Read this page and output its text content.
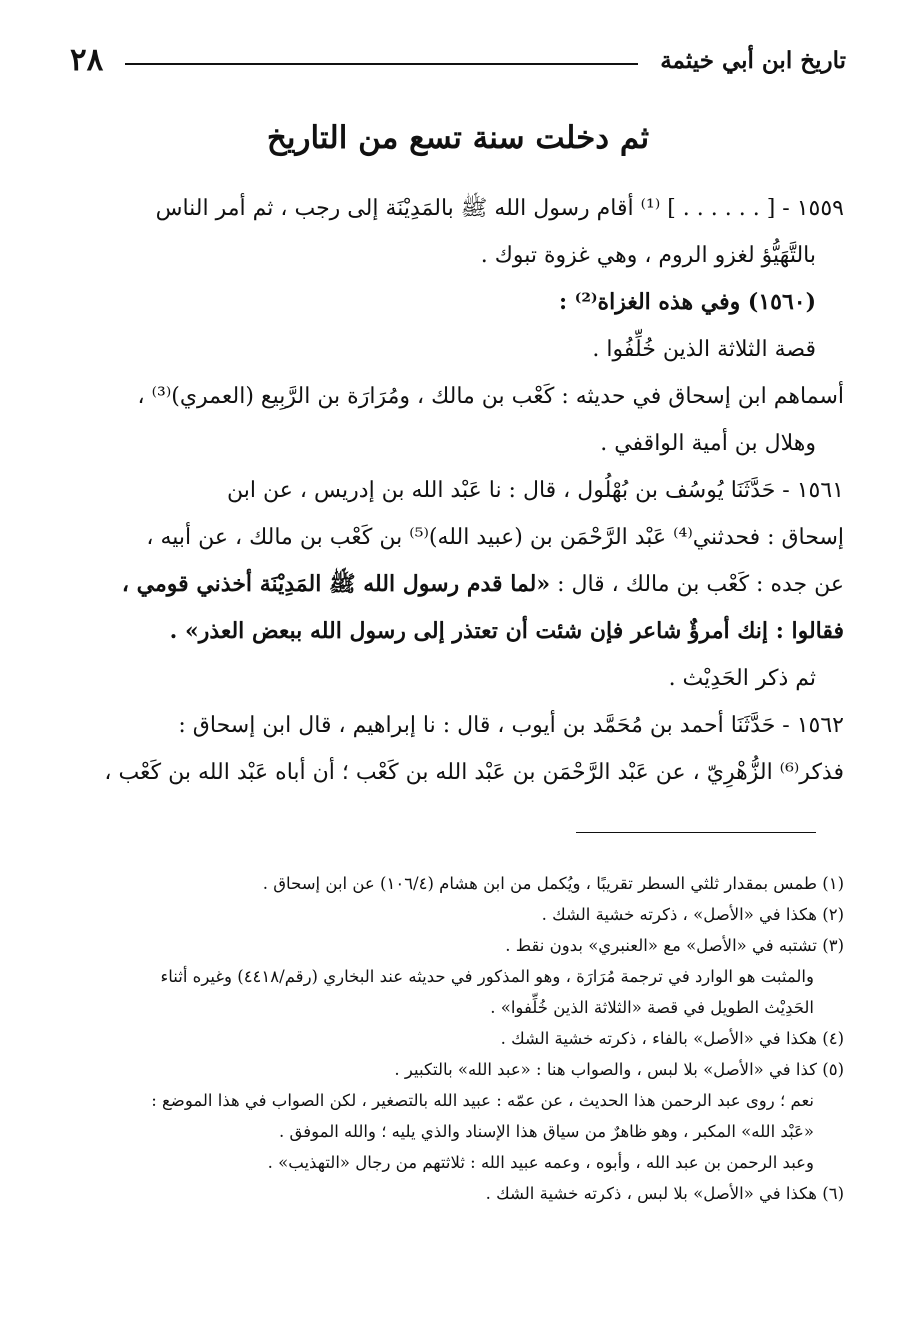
تاريخ ابن أبي خيثمة
٢٨
ثم دخلت سنة تسع من التاريخ

١٥٥٩ - [ . . . . . . ] ⁽¹⁾ أقام رسول الله ﷺ بالمَدِيْنَة إلى رجب ، ثم أمر الناس

بالتَّهَيُّؤ لغزو الروم ، وهي غزوة تبوك .

(١٥٦٠) وفي هذه الغزاة⁽²⁾ :

قصة الثلاثة الذين خُلِّفُوا .

أسماهم ابن إسحاق في حديثه : كَعْب بن مالك ، ومُرَارَة بن الرَّبِيع (العمري)⁽³⁾ ،

وهلال بن أمية الواقفي .

١٥٦١ - حَدَّثَنَا يُوسُف بن بُهْلُول ، قال : نا عَبْد الله بن إدريس ، عن ابن

إسحاق : فحدثني⁽⁴⁾ عَبْد الرَّحْمَن بن (عبيد الله)⁽⁵⁾ بن كَعْب بن مالك ، عن أبيه ،

عن جده : كَعْب بن مالك ، قال : «لما قدم رسول الله ﷺ المَدِيْنَة أخذني قومي ،

فقالوا : إنك أمرؤٌ شاعر فإن شئت أن تعتذر إلى رسول الله ببعض العذر» .

ثم ذكر الحَدِيْث .

١٥٦٢ - حَدَّثَنَا أحمد بن مُحَمَّد بن أيوب ، قال : نا إبراهيم ، قال ابن إسحاق :

فذكر⁽⁶⁾ الزُّهْرِيّ ، عن عَبْد الرَّحْمَن بن عَبْد الله بن كَعْب ؛ أن أباه عَبْد الله بن كَعْب ،

(١) طمس بمقدار ثلثي السطر تقريبًا ، ويُكمل من ابن هشام (١٠٦/٤) عن ابن إسحاق .

(٢) هكذا في «الأصل» ، ذكرته خشية الشك .

(٣) تشتبه في «الأصل» مع «العنبري» بدون نقط .

والمثبت هو الوارد في ترجمة مُرَارَة ، وهو المذكور في حديثه عند البخاري (رقم/٤٤١٨) وغيره أثناء

الحَدِيْث الطويل في قصة «الثلاثة الذين خُلِّفوا» .

(٤) هكذا في «الأصل» بالفاء ، ذكرته خشية الشك .

(٥) كذا في «الأصل» بلا لبس ، والصواب هنا : «عبد الله» بالتكبير .

نعم ؛ روى عبد الرحمن هذا الحديث ، عن عمّه : عبيد الله بالتصغير ، لكن الصواب في هذا الموضع :

«عَبْد الله» المكبر ، وهو ظاهرٌ من سياق هذا الإسناد والذي يليه ؛ والله الموفق .

وعبد الرحمن بن عبد الله ، وأبوه ، وعمه عبيد الله : ثلاثتهم من رجال «التهذيب» .

(٦) هكذا في «الأصل» بلا لبس ، ذكرته خشية الشك .
